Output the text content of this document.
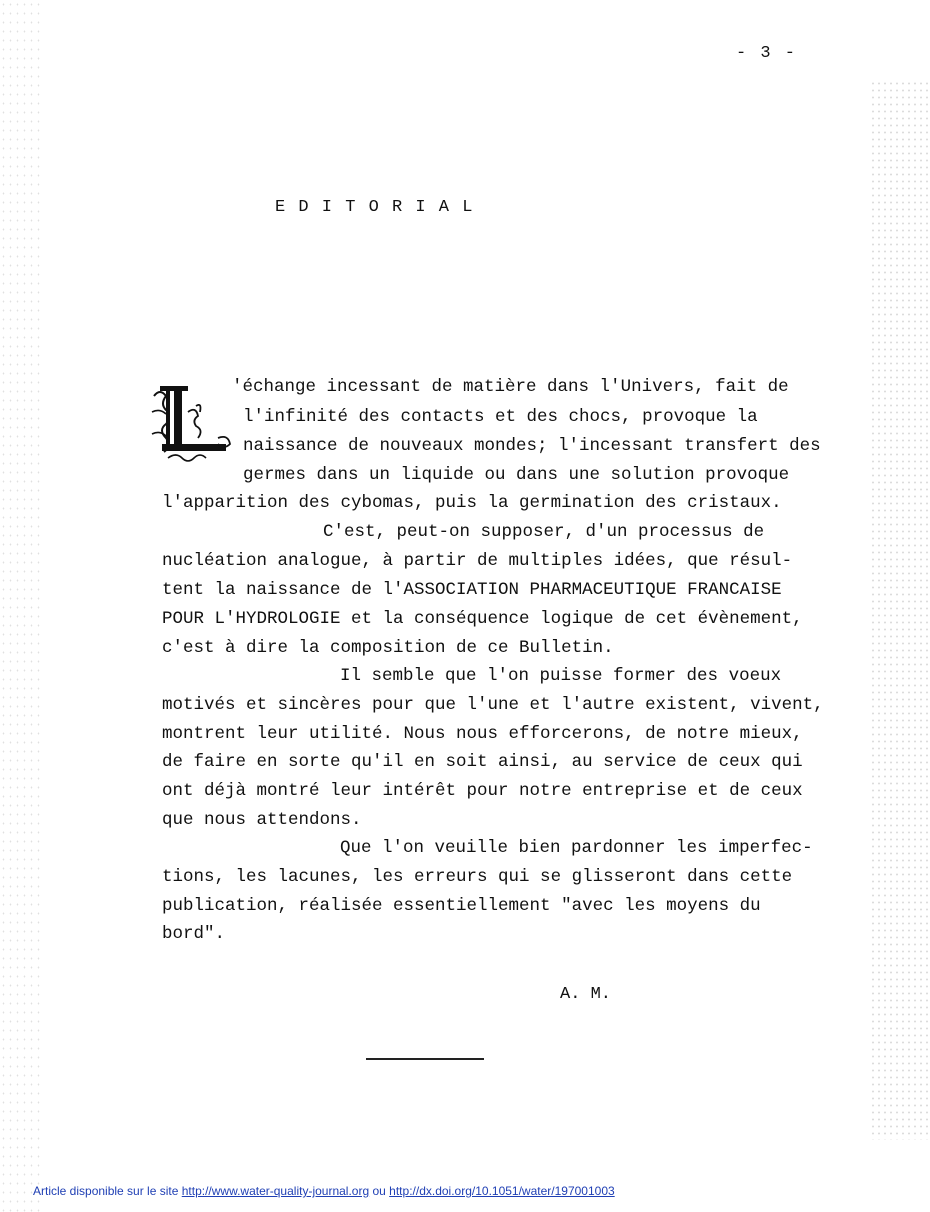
- 3 -
EDITORIAL
'échange incessant de matière dans l'Univers, fait de
l'infinité des contacts et des chocs, provoque la
naissance de nouveaux mondes; l'incessant transfert des
germes dans un liquide ou dans une solution provoque
l'apparition des cybomas, puis la germination des cristaux.
C'est, peut-on supposer, d'un processus de
nucléation analogue, à partir de multiples idées, que résul-
tent la naissance de l'ASSOCIATION PHARMACEUTIQUE FRANCAISE
POUR L'HYDROLOGIE et la conséquence logique de cet évènement,
c'est à dire la composition de ce Bulletin.
Il semble que l'on puisse former des voeux
motivés et sincères pour que l'une et l'autre existent, vivent,
montrent leur utilité. Nous nous efforcerons, de notre mieux,
de faire en sorte qu'il en soit ainsi, au service de ceux qui
ont déjà montré leur intérêt pour notre entreprise et de ceux
que nous attendons.
Que l'on veuille bien pardonner les imperfec-
tions, les lacunes, les erreurs qui se glisseront dans cette
publication, réalisée essentiellement "avec les moyens du
bord".
A. M.
Article disponible sur le site http://www.water-quality-journal.org ou http://dx.doi.org/10.1051/water/197001003
